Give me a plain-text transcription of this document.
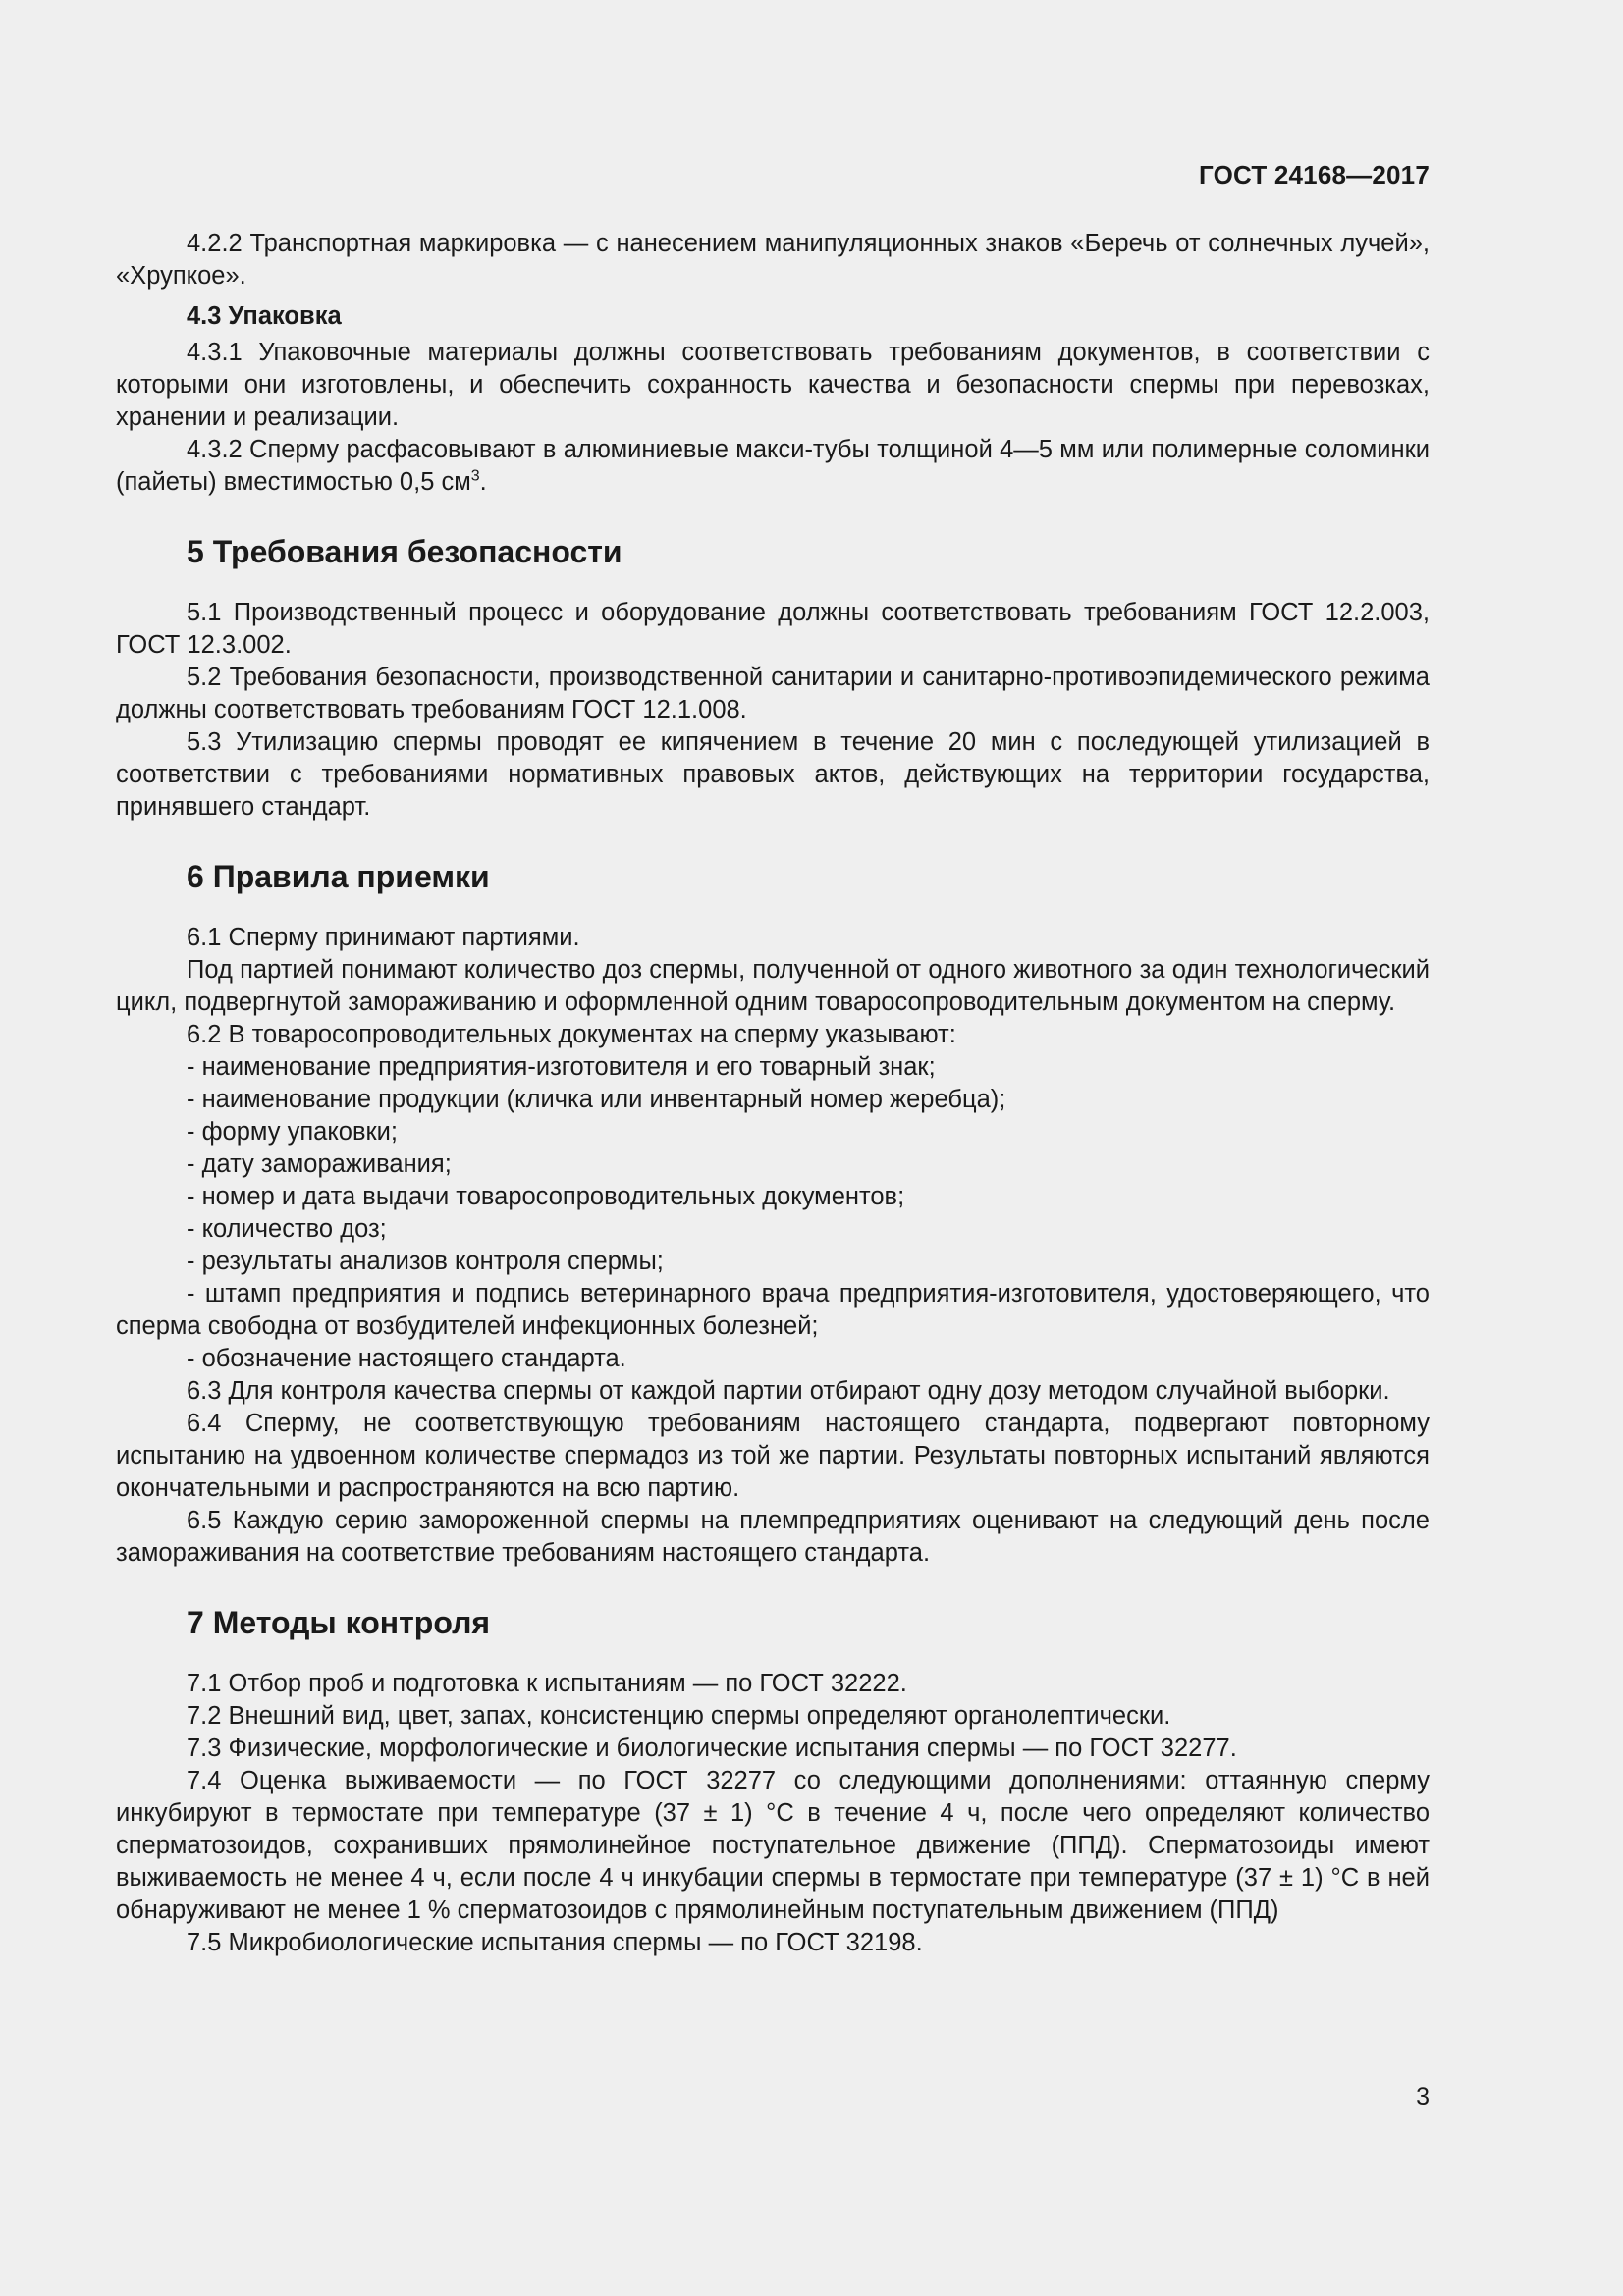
ГОСТ 24168—2017

4.2.2 Транспортная маркировка — с нанесением манипуляционных знаков «Беречь от солнечных лучей», «Хрупкое».

4.3 Упаковка

4.3.1 Упаковочные материалы должны соответствовать требованиям документов, в соответствии с которыми они изготовлены, и обеспечить сохранность качества и безопасности спермы при перевозках, хранении и реализации.

4.3.2 Сперму расфасовывают в алюминиевые макси-тубы толщиной 4—5 мм или полимерные соломинки (пайеты) вместимостью 0,5 $см^3$.

5 Требования безопасности

5.1 Производственный процесс и оборудование должны соответствовать требованиям ГОСТ 12.2.003, ГОСТ 12.3.002.

5.2 Требования безопасности, производственной санитарии и санитарно-противоэпидемического режима должны соответствовать требованиям ГОСТ 12.1.008.

5.3 Утилизацию спермы проводят ее кипячением в течение 20 мин с последующей утилизацией в соответствии с требованиями нормативных правовых актов, действующих на территории государства, принявшего стандарт.

6 Правила приемки

6.1 Сперму принимают партиями.

Под партией понимают количество доз спермы, полученной от одного животного за один технологический цикл, подвергнутой замораживанию и оформленной одним товаросопроводительным документом на сперму.

6.2 В товаросопроводительных документах на сперму указывают:

- наименование предприятия-изготовителя и его товарный знак;

- наименование продукции (кличка или инвентарный номер жеребца);

- форму упаковки;

- дату замораживания;

- номер и дата выдачи товаросопроводительных документов;

- количество доз;

- результаты анализов контроля спермы;

- штамп предприятия и подпись ветеринарного врача предприятия-изготовителя, удостоверяющего, что сперма свободна от возбудителей инфекционных болезней;

- обозначение настоящего стандарта.

6.3 Для контроля качества спермы от каждой партии отбирают одну дозу методом случайной выборки.

6.4 Сперму, не соответствующую требованиям настоящего стандарта, подвергают повторному испытанию на удвоенном количестве спермадоз из той же партии. Результаты повторных испытаний являются окончательными и распространяются на всю партию.

6.5 Каждую серию замороженной спермы на племпредприятиях оценивают на следующий день после замораживания на соответствие требованиям настоящего стандарта.

7 Методы контроля

7.1 Отбор проб и подготовка к испытаниям — по ГОСТ 32222.

7.2 Внешний вид, цвет, запах, консистенцию спермы определяют органолептически.

7.3 Физические, морфологические и биологические испытания спермы — по ГОСТ 32277.

7.4 Оценка выживаемости — по ГОСТ 32277 со следующими дополнениями: оттаянную сперму инкубируют в термостате при температуре (37 ± 1) °С в течение 4 ч, после чего определяют количество сперматозоидов, сохранивших прямолинейное поступательное движение (ППД). Сперматозоиды имеют выживаемость не менее 4 ч, если после 4 ч инкубации спермы в термостате при температуре (37 ± 1) °С в ней обнаруживают не менее 1 % сперматозоидов с прямолинейным поступательным движением (ППД)

7.5 Микробиологические испытания спермы — по ГОСТ 32198.

3
